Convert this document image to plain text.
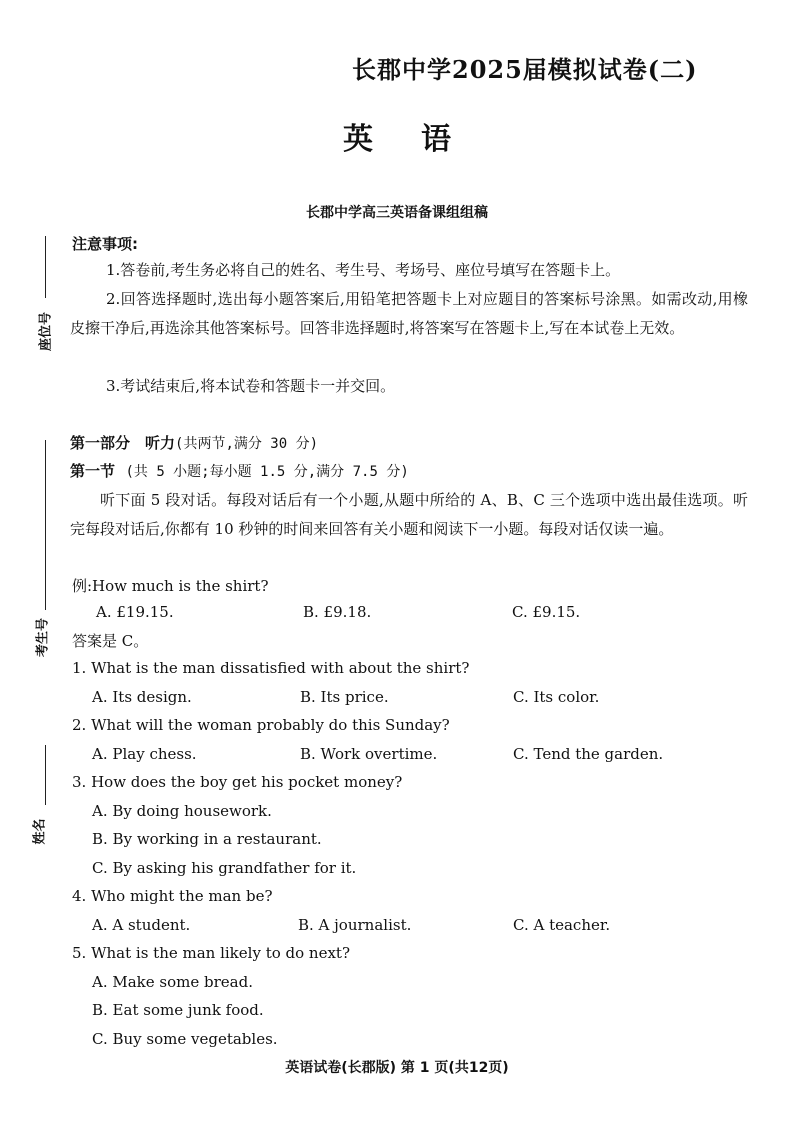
长郡中学2025届模拟试卷(二)
英 语
长郡中学高三英语备课组组稿
座位号
考生号
姓名
注意事项:
1.答卷前,考生务必将自己的姓名、考生号、考场号、座位号填写在答题卡上。
2.回答选择题时,选出每小题答案后,用铅笔把答题卡上对应题目的答案标号涂黑。如需改动,用橡皮擦干净后,再选涂其他答案标号。回答非选择题时,将答案写在答题卡上,写在本试卷上无效。
3.考试结束后,将本试卷和答题卡一并交回。
第一部分　听力(共两节,满分 30 分)
第一节 (共 5 小题;每小题 1.5 分,满分 7.5 分)
听下面 5 段对话。每段对话后有一个小题,从题中所给的 A、B、C 三个选项中选出最佳选项。听完每段对话后,你都有 10 秒钟的时间来回答有关小题和阅读下一小题。每段对话仅读一遍。
例:How much is the shirt?
A. £19.15.	B. £9.18.	C. £9.15.
答案是 C。
1. What is the man dissatisfied with about the shirt?
A. Its design.	B. Its price.	C. Its color.
2. What will the woman probably do this Sunday?
A. Play chess.	B. Work overtime.	C. Tend the garden.
3. How does the boy get his pocket money?
A. By doing housework.
B. By working in a restaurant.
C. By asking his grandfather for it.
4. Who might the man be?
A. A student.	B. A journalist.	C. A teacher.
5. What is the man likely to do next?
A. Make some bread.
B. Eat some junk food.
C. Buy some vegetables.
英语试卷(长郡版) 第 1 页(共12页)
